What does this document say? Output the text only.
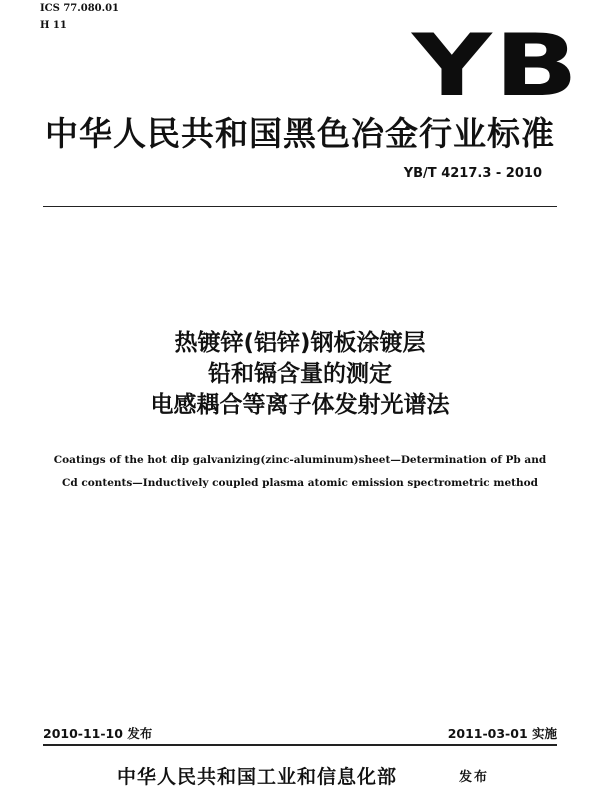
ICS 77.080.01
H 11	YB
中华人民共和国黑色冶金行业标准
YB/T 4217.3 - 2010
热镀锌(铝锌)钢板涂镀层
铅和镉含量的测定
电感耦合等离子体发射光谱法
Coatings of the hot dip galvanizing(zinc-aluminum)sheet—Determination of Pb and
Cd contents—Inductively coupled plasma atomic emission spectrometric method
2010-11-10 发布	2011-03-01 实施
中华人民共和国工业和信息化部	发布
